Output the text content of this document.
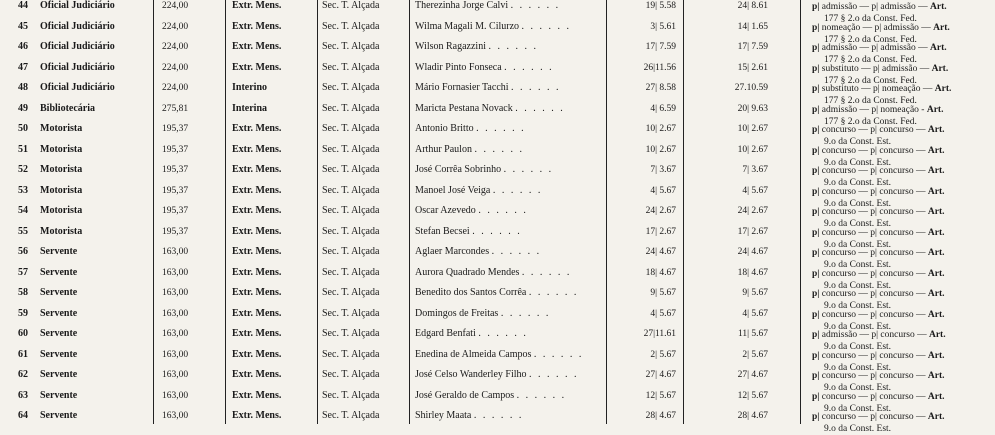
44 Oficial Judiciário	224,00	Extr. Mens.	Sec. T. Alçada	Therezinha Jorge Calvi . . . . . .	19| 5.58	24| 8.61	p| admissão — p| admissão — Art.
177 § 2.o da Const. Fed.
45 Oficial Judiciário	224,00	Extr. Mens.	Sec. T. Alçada	Wilma Magali M. Cilurzo . . . . . .	3| 5.61	14| 1.65	p| nomeação — p| admissão — Art.
177 § 2.o da Const. Fed.
46 Oficial Judiciário	224,00	Extr. Mens.	Sec. T. Alçada	Wilson Ragazzini . . . . . .	17| 7.59	17| 7.59	p| admissão — p| admissão — Art.
177 § 2.o da Const. Fed.
47 Oficial Judiciário	224,00	Extr. Mens.	Sec. T. Alçada	Wladir Pinto Fonseca . . . . . .	26|11.56	15| 2.61	p| substituto — p| admissão — Art.
177 § 2.o da Const. Fed.
48 Oficial Judiciário	224,00	Interino	Sec. T. Alçada	Mário Fornasier Tacchi . . . . . .	27| 8.58	27.10.59	p| substituto — p| nomeação — Art.
177 § 2.o da Const. Fed.
49 Bibliotecária	275,81	Interina	Sec. T. Alçada	Maricta Pestana Novack . . . . . .	4| 6.59	20| 9.63	p| admissão — p| nomeação - Art.
177 § 2.o da Const. Fed.
50 Motorista	195,37	Extr. Mens.	Sec. T. Alçada	Antonio Britto . . . . . .	10| 2.67	10| 2.67	p| concurso — p| concurso — Art.
9.o da Const. Est.
51 Motorista	195,37	Extr. Mens.	Sec. T. Alçada	Arthur Paulon . . . . . .	10| 2.67	10| 2.67	p| concurso — p| concurso — Art.
9.o da Const. Est.
52 Motorista	195,37	Extr. Mens.	Sec. T. Alçada	José Corrêa Sobrinho . . . . . .	7| 3.67	7| 3.67	p| concurso — p| concurso — Art.
9.o da Const. Est.
53 Motorista	195,37	Extr. Mens.	Sec. T. Alçada	Manoel José Veiga . . . . . .	4| 5.67	4| 5.67	p| concurso — p| concurso — Art.
9.o da Const. Est.
54 Motorista	195,37	Extr. Mens.	Sec. T. Alçada	Oscar Azevedo . . . . . .	24| 2.67	24| 2.67	p| concurso — p| concurso — Art.
9.o da Const. Est.
55 Motorista	195,37	Extr. Mens.	Sec. T. Alçada	Stefan Becsei . . . . . .	17| 2.67	17| 2.67	p| concurso — p| concurso — Art.
9.o da Const. Est.
56 Servente	163,00	Extr. Mens.	Sec. T. Alçada	Aglaer Marcondes . . . . . .	24| 4.67	24| 4.67	p| concurso — p| concurso — Art.
9.o da Const. Est.
57 Servente	163,00	Extr. Mens.	Sec. T. Alçada	Aurora Quadrado Mendes . . . . . .	18| 4.67	18| 4.67	p| concurso — p| concurso — Art.
9.o da Const. Est.
58 Servente	163,00	Extr. Mens.	Sec. T. Alçada	Benedito dos Santos Corrêa . . . . . .	9| 5.67	9| 5.67	p| concurso — p| concurso — Art.
9.o da Const. Est.
59 Servente	163,00	Extr. Mens.	Sec. T. Alçada	Domingos de Freitas . . . . . .	4| 5.67	4| 5.67	p| concurso — p| concurso — Art.
9.o da Const. Est.
60 Servente	163,00	Extr. Mens.	Sec. T. Alçada	Edgard Benfati . . . . . .	27|11.61	11| 5.67	p| admissão — p| concurso — Art.
9.o da Const. Est.
61 Servente	163,00	Extr. Mens.	Sec. T. Alçada	Enedina de Almeida Campos . . . . . .	2| 5.67	2| 5.67	p| concurso — p| concurso — Art.
9.o da Const. Est.
62 Servente	163,00	Extr. Mens.	Sec. T. Alçada	José Celso Wanderley Filho . . . . . .	27| 4.67	27| 4.67	p| concurso — p| concurso — Art.
9.o da Const. Est.
63 Servente	163,00	Extr. Mens.	Sec. T. Alçada	José Geraldo de Campos . . . . . .	12| 5.67	12| 5.67	p| concurso — p| concurso — Art.
9.o da Const. Est.
64 Servente	163,00	Extr. Mens.	Sec. T. Alçada	Shirley Maata . . . . . .	28| 4.67	28| 4.67	p| concurso — p| concurso — Art.
9.o da Const. Est.
